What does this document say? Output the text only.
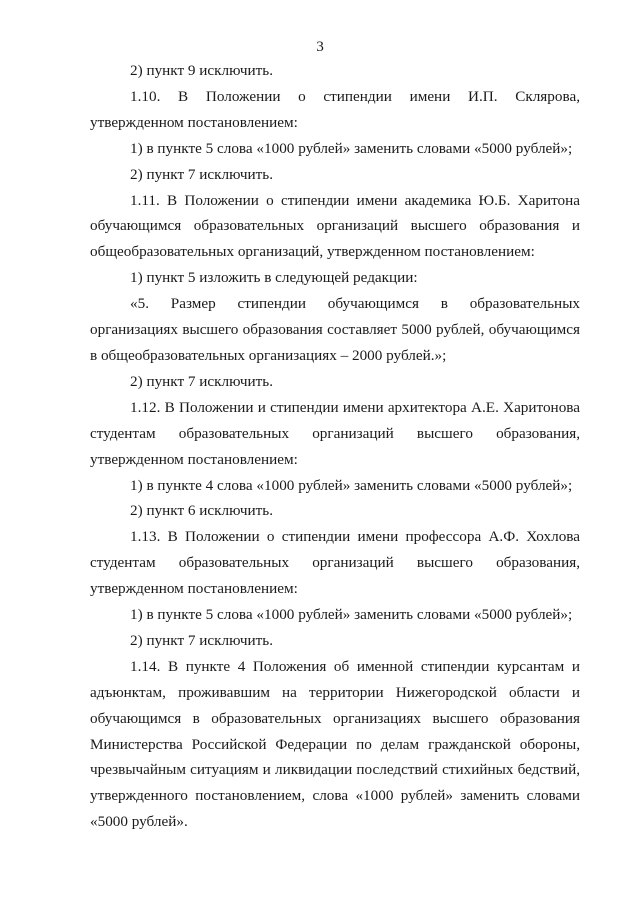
3

2) пункт 9 исключить.

1.10. В Положении о стипендии имени И.П. Склярова, утвержденном постановлением:

1) в пункте 5 слова «1000 рублей» заменить словами «5000 рублей»;

2) пункт 7 исключить.

1.11. В Положении о стипендии имени академика Ю.Б. Харитона обучающимся образовательных организаций высшего образования и общеобразовательных организаций, утвержденном постановлением:

1) пункт 5 изложить в следующей редакции:

«5. Размер стипендии обучающимся в образовательных организациях высшего образования составляет 5000 рублей, обучающимся в общеобразовательных организациях – 2000 рублей.»;

2) пункт 7 исключить.

1.12. В Положении и стипендии имени архитектора А.Е. Харитонова студентам образовательных организаций высшего образования, утвержденном постановлением:

1) в пункте 4 слова «1000 рублей» заменить словами «5000 рублей»;

2) пункт 6 исключить.

1.13. В Положении о стипендии имени профессора А.Ф. Хохлова студентам образовательных организаций высшего образования, утвержденном постановлением:

1) в пункте 5 слова «1000 рублей» заменить словами «5000 рублей»;

2) пункт 7 исключить.

1.14. В пункте 4 Положения об именной стипендии курсантам и адъюнктам, проживавшим на территории Нижегородской области и обучающимся в образовательных организациях высшего образования Министерства Российской Федерации по делам гражданской обороны, чрезвычайным ситуациям и ликвидации последствий стихийных бедствий, утвержденного постановлением, слова «1000 рублей» заменить словами «5000 рублей».
